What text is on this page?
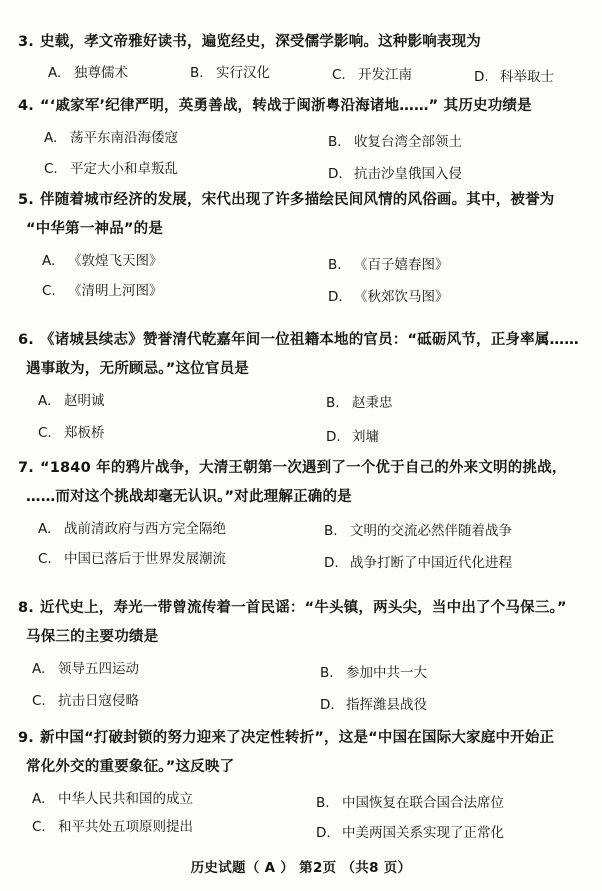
3. 史载，孝文帝雅好读书，遍览经史，深受儒学影响。这种影响表现为
A. 独尊儒术	B. 实行汉化	C. 开发江南	D. 科举取士
4. “‘戚家军’纪律严明，英勇善战，转战于闽浙粤沿海诸地……” 其历史功绩是
A. 荡平东南沿海倭寇	B. 收复台湾全部领土
C. 平定大小和卓叛乱	D. 抗击沙皇俄国入侵
5. 伴随着城市经济的发展，宋代出现了许多描绘民间风情的风俗画。其中，被誉为
“中华第一神品”的是
A. 《敦煌飞天图》	B. 《百子嬉春图》
C. 《清明上河图》	D. 《秋郊饮马图》
6. 《诸城县续志》赞誉清代乾嘉年间一位祖籍本地的官员：“砥砺风节，正身率属……
遇事敢为，无所顾忌。”这位官员是
A. 赵明诚	B. 赵秉忠
C. 郑板桥	D. 刘墉
7. “1840 年的鸦片战争，大清王朝第一次遇到了一个优于自己的外来文明的挑战，
……而对这个挑战却毫无认识。”对此理解正确的是
A. 战前清政府与西方完全隔绝	B. 文明的交流必然伴随着战争
C. 中国已落后于世界发展潮流	D. 战争打断了中国近代化进程
8. 近代史上，寿光一带曾流传着一首民谣：“牛头镇，两头尖，当中出了个马保三。”
马保三的主要功绩是
A. 领导五四运动	B. 参加中共一大
C. 抗击日寇侵略	D. 指挥潍县战役
9. 新中国“打破封锁的努力迎来了决定性转折”，这是“中国在国际大家庭中开始正
常化外交的重要象征。”这反映了
A. 中华人民共和国的成立	B. 中国恢复在联合国合法席位
C. 和平共处五项原则提出	D. 中美两国关系实现了正常化
历史试题（ A ） 第2页 （共8 页）
